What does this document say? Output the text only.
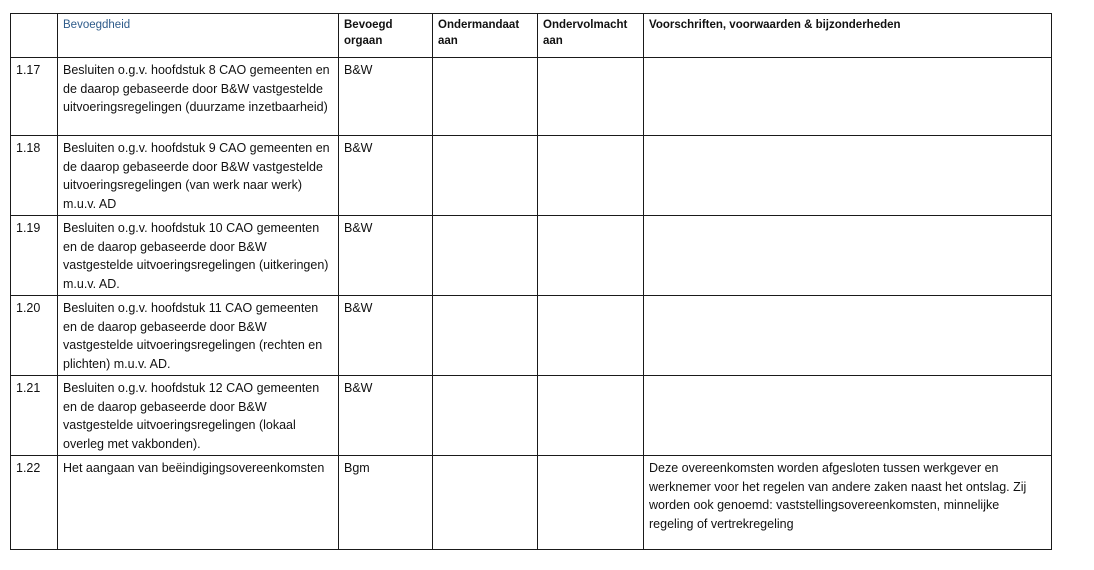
	Bevoegdheid	Bevoegd orgaan	Ondermandaat aan	Ondervolmacht aan	Voorschriften, voorwaarden & bijzonderheden
1.17	Besluiten o.g.v. hoofdstuk 8 CAO gemeenten en de daarop gebaseerde door B&W vastgestelde uitvoeringsregelingen (duurzame inzetbaarheid)	B&W			
1.18	Besluiten o.g.v. hoofdstuk 9 CAO gemeenten en de daarop gebaseerde door B&W vastgestelde uitvoeringsregelingen (van werk naar werk) m.u.v. AD	B&W			
1.19	Besluiten o.g.v. hoofdstuk 10 CAO gemeenten en de daarop gebaseerde door B&W vastgestelde uitvoeringsregelingen (uitkeringen) m.u.v. AD.	B&W			
1.20	Besluiten o.g.v. hoofdstuk 11 CAO gemeenten en de daarop gebaseerde door B&W vastgestelde uitvoeringsregelingen (rechten en plichten) m.u.v. AD.	B&W			
1.21	Besluiten o.g.v. hoofdstuk 12 CAO gemeenten en de daarop gebaseerde door B&W vastgestelde uitvoeringsregelingen (lokaal overleg met vakbonden).	B&W			
1.22	Het aangaan van beëindigingsovereenkomsten	Bgm			Deze overeenkomsten worden afgesloten tussen werkgever en werknemer voor het regelen van andere zaken naast het ontslag. Zij worden ook genoemd: vaststellingsovereenkomsten, minnelijke regeling of vertrekregeling
